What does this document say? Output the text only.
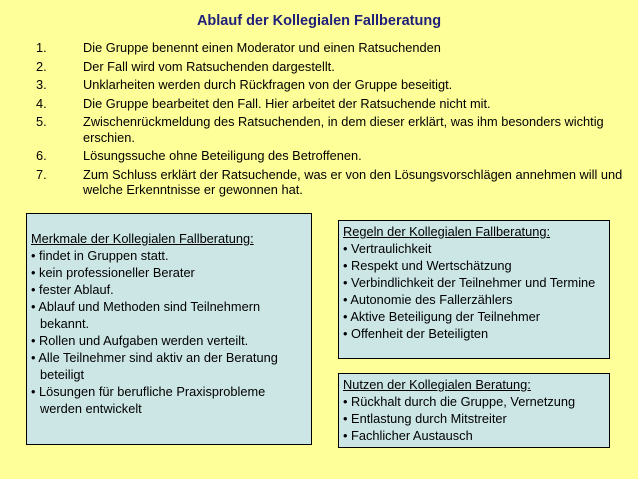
Ablauf der Kollegialen Fallberatung
1.	Die Gruppe benennt einen Moderator und einen Ratsuchenden
2.	Der Fall wird vom Ratsuchenden dargestellt.
3.	Unklarheiten werden durch Rückfragen von der Gruppe beseitigt.
4.	Die Gruppe bearbeitet den Fall. Hier arbeitet der Ratsuchende nicht mit.
5.	Zwischenrückmeldung des Ratsuchenden, in dem dieser erklärt, was ihm besonders wichtig erschien.
6.	Lösungssuche ohne Beteiligung des Betroffenen.
7.	Zum Schluss erklärt der Ratsuchende, was er von den Lösungsvorschlägen annehmen will und welche Erkenntnisse er gewonnen hat.
Merkmale der Kollegialen Fallberatung:
• findet in Gruppen statt.
• kein professioneller Berater
• fester Ablauf.
• Ablauf und Methoden sind Teilnehmern bekannt.
• Rollen und Aufgaben werden verteilt.
• Alle Teilnehmer sind aktiv an der Beratung beteiligt
• Lösungen für berufliche Praxisprobleme werden entwickelt
Regeln der Kollegialen Fallberatung:
• Vertraulichkeit
• Respekt und Wertschätzung
• Verbindlichkeit der Teilnehmer und Termine
• Autonomie des Fallerzählers
• Aktive Beteiligung der Teilnehmer
• Offenheit der Beteiligten
Nutzen der Kollegialen Beratung:
• Rückhalt durch die Gruppe, Vernetzung
• Entlastung durch Mitstreiter
• Fachlicher Austausch
